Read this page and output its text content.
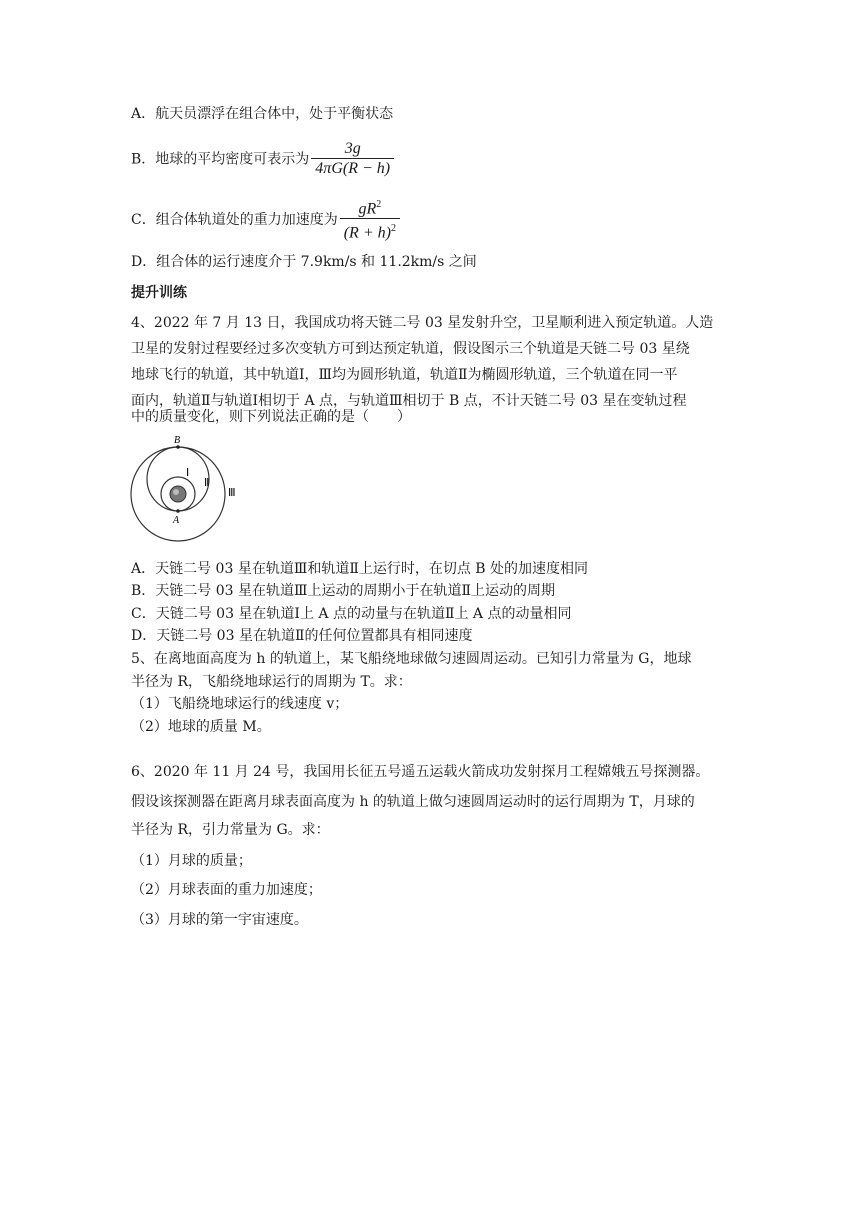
A．航天员漂浮在组合体中，处于平衡状态
B．地球的平均密度可表示为 $\frac{3g}{4\pi G(R - h)}$
C．组合体轨道处的重力加速度为 $\frac{gR^2}{(R + h)^2}$
D．组合体的运行速度介于 7.9km/s 和 11.2km/s 之间
提升训练
4、2022 年 7 月 13 日，我国成功将天链二号 03 星发射升空，卫星顺利进入预定轨道。人造
卫星的发射过程要经过多次变轨方可到达预定轨道，假设图示三个轨道是天链二号 03 星绕
地球飞行的轨道，其中轨道Ⅰ，Ⅲ均为圆形轨道，轨道Ⅱ为椭圆形轨道，三个轨道在同一平
面内，轨道Ⅱ与轨道Ⅰ相切于 A 点，与轨道Ⅲ相切于 B 点，不计天链二号 03 星在变轨过程
中的质量变化，则下列说法正确的是（　　）
B
A
Ⅰ
Ⅱ
Ⅲ
A．天链二号 03 星在轨道Ⅲ和轨道Ⅱ上运行时，在切点 B 处的加速度相同
B．天链二号 03 星在轨道Ⅲ上运动的周期小于在轨道Ⅱ上运动的周期
C．天链二号 03 星在轨道Ⅰ上 A 点的动量与在轨道Ⅱ上 A 点的动量相同
D．天链二号 03 星在轨道Ⅱ的任何位置都具有相同速度
5、在离地面高度为 h 的轨道上，某飞船绕地球做匀速圆周运动。已知引力常量为 G，地球
半径为 R，飞船绕地球运行的周期为 T。求：
（1）飞船绕地球运行的线速度 v；
（2）地球的质量 M。
6、2020 年 11 月 24 号，我国用长征五号遥五运载火箭成功发射探月工程嫦娥五号探测器。
假设该探测器在距离月球表面高度为 h 的轨道上做匀速圆周运动时的运行周期为 T，月球的
半径为 R，引力常量为 G。求：
（1）月球的质量；
（2）月球表面的重力加速度；
（3）月球的第一宇宙速度。
